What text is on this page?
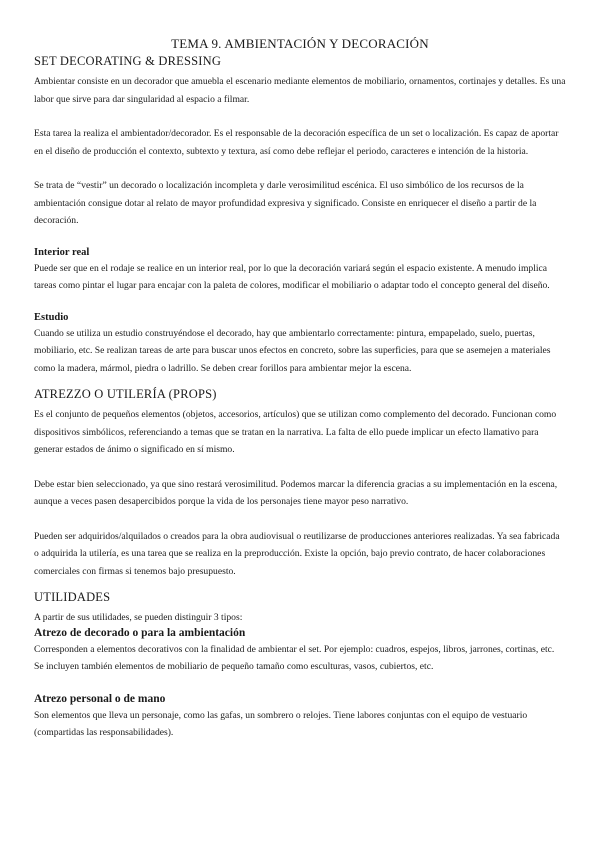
TEMA 9. AMBIENTACIÓN Y DECORACIÓN
SET DECORATING & DRESSING

Ambientar consiste en un decorador que amuebla el escenario mediante elementos de mobiliario, ornamentos, cortinajes y detalles. Es una labor que sirve para dar singularidad al espacio a filmar.

Esta tarea la realiza el ambientador/decorador. Es el responsable de la decoración específica de un set o localización. Es capaz de aportar en el diseño de producción el contexto, subtexto y textura, así como debe reflejar el periodo, caracteres e intención de la historia.

Se trata de “vestir” un decorado o localización incompleta y darle verosimilitud escénica. El uso simbólico de los recursos de la ambientación consigue dotar al relato de mayor profundidad expresiva y significado. Consiste en enriquecer el diseño a partir de la decoración.

Interior real

Puede ser que en el rodaje se realice en un interior real, por lo que la decoración variará según el espacio existente. A menudo implica tareas como pintar el lugar para encajar con la paleta de colores, modificar el mobiliario o adaptar todo el concepto general del diseño.

Estudio

Cuando se utiliza un estudio construyéndose el decorado, hay que ambientarlo correctamente: pintura, empapelado, suelo, puertas, mobiliario, etc. Se realizan tareas de arte para buscar unos efectos en concreto, sobre las superficies, para que se asemejen a materiales como la madera, mármol, piedra o ladrillo. Se deben crear forillos para ambientar mejor la escena.

ATREZZO O UTILERÍA (PROPS)

Es el conjunto de pequeños elementos (objetos, accesorios, artículos) que se utilizan como complemento del decorado. Funcionan como dispositivos simbólicos, referenciando a temas que se tratan en la narrativa. La falta de ello puede implicar un efecto llamativo para generar estados de ánimo o significado en sí mismo.

Debe estar bien seleccionado, ya que sino restará verosimilitud. Podemos marcar la diferencia gracias a su implementación en la escena, aunque a veces pasen desapercibidos porque la vida de los personajes tiene mayor peso narrativo.

Pueden ser adquiridos/alquilados o creados para la obra audiovisual o reutilizarse de producciones anteriores realizadas. Ya sea fabricada o adquirida la utilería, es una tarea que se realiza en la preproducción. Existe la opción, bajo previo contrato, de hacer colaboraciones comerciales con firmas si tenemos bajo presupuesto.

UTILIDADES

A partir de sus utilidades, se pueden distinguir 3 tipos:

Atrezo de decorado o para la ambientación

Corresponden a elementos decorativos con la finalidad de ambientar el set. Por ejemplo: cuadros, espejos, libros, jarrones, cortinas, etc. Se incluyen también elementos de mobiliario de pequeño tamaño como esculturas, vasos, cubiertos, etc.

Atrezo personal o de mano

Son elementos que lleva un personaje, como las gafas, un sombrero o relojes. Tiene labores conjuntas con el equipo de vestuario (compartidas las responsabilidades).
